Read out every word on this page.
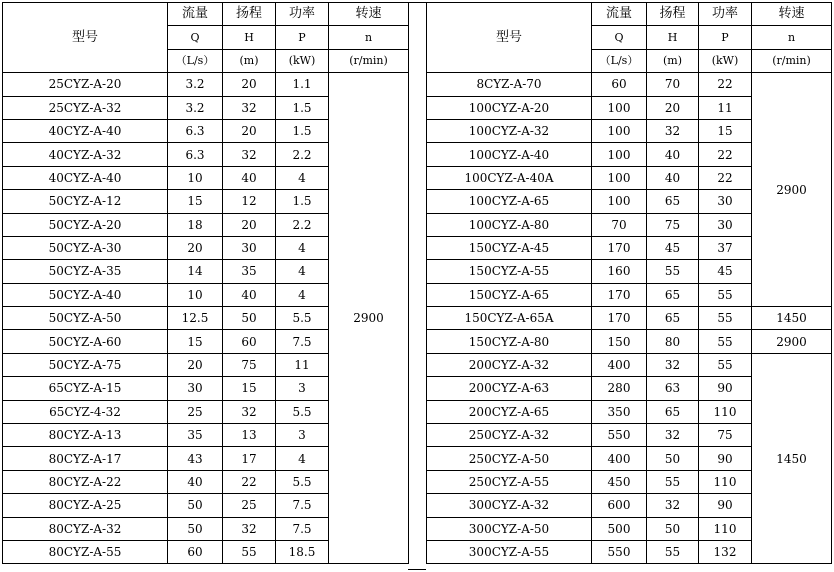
型号	流量	扬程	功率	转速
	Q	H	P	n
	（L/s）	(m)	(kW)	(r/min)
25CYZ-A-20	3.2	20	1.1	2900
25CYZ-A-32	3.2	32	1.5	
40CYZ-A-40	6.3	20	1.5	
40CYZ-A-32	6.3	32	2.2	
40CYZ-A-40	10	40	4	
50CYZ-A-12	15	12	1.5	
50CYZ-A-20	18	20	2.2	
50CYZ-A-30	20	30	4	
50CYZ-A-35	14	35	4	
50CYZ-A-40	10	40	4	
50CYZ-A-50	12.5	50	5.5	
50CYZ-A-60	15	60	7.5	
50CYZ-A-75	20	75	11	
65CYZ-A-15	30	15	3	
65CYZ-4-32	25	32	5.5	
80CYZ-A-13	35	13	3	
80CYZ-A-17	43	17	4	
80CYZ-A-22	40	22	5.5	
80CYZ-A-25	50	25	7.5	
80CYZ-A-32	50	32	7.5	
80CYZ-A-55	60	55	18.5	
型号	流量	扬程	功率	转速
	Q	H	P	n
	（L/s）	(m)	(kW)	(r/min)
8CYZ-A-70	60	70	22	2900
100CYZ-A-20	100	20	11	
100CYZ-A-32	100	32	15	
100CYZ-A-40	100	40	22	
100CYZ-A-40A	100	40	22	
100CYZ-A-65	100	65	30	
100CYZ-A-80	70	75	30	
150CYZ-A-45	170	45	37	
150CYZ-A-55	160	55	45	
150CYZ-A-65	170	65	55	
150CYZ-A-65A	170	65	55	1450
150CYZ-A-80	150	80	55	2900
200CYZ-A-32	400	32	55	1450
200CYZ-A-63	280	63	90	
200CYZ-A-65	350	65	110	
250CYZ-A-32	550	32	75	
250CYZ-A-50	400	50	90	
250CYZ-A-55	450	55	110	
300CYZ-A-32	600	32	90	
300CYZ-A-50	500	50	110	
300CYZ-A-55	550	55	132	
